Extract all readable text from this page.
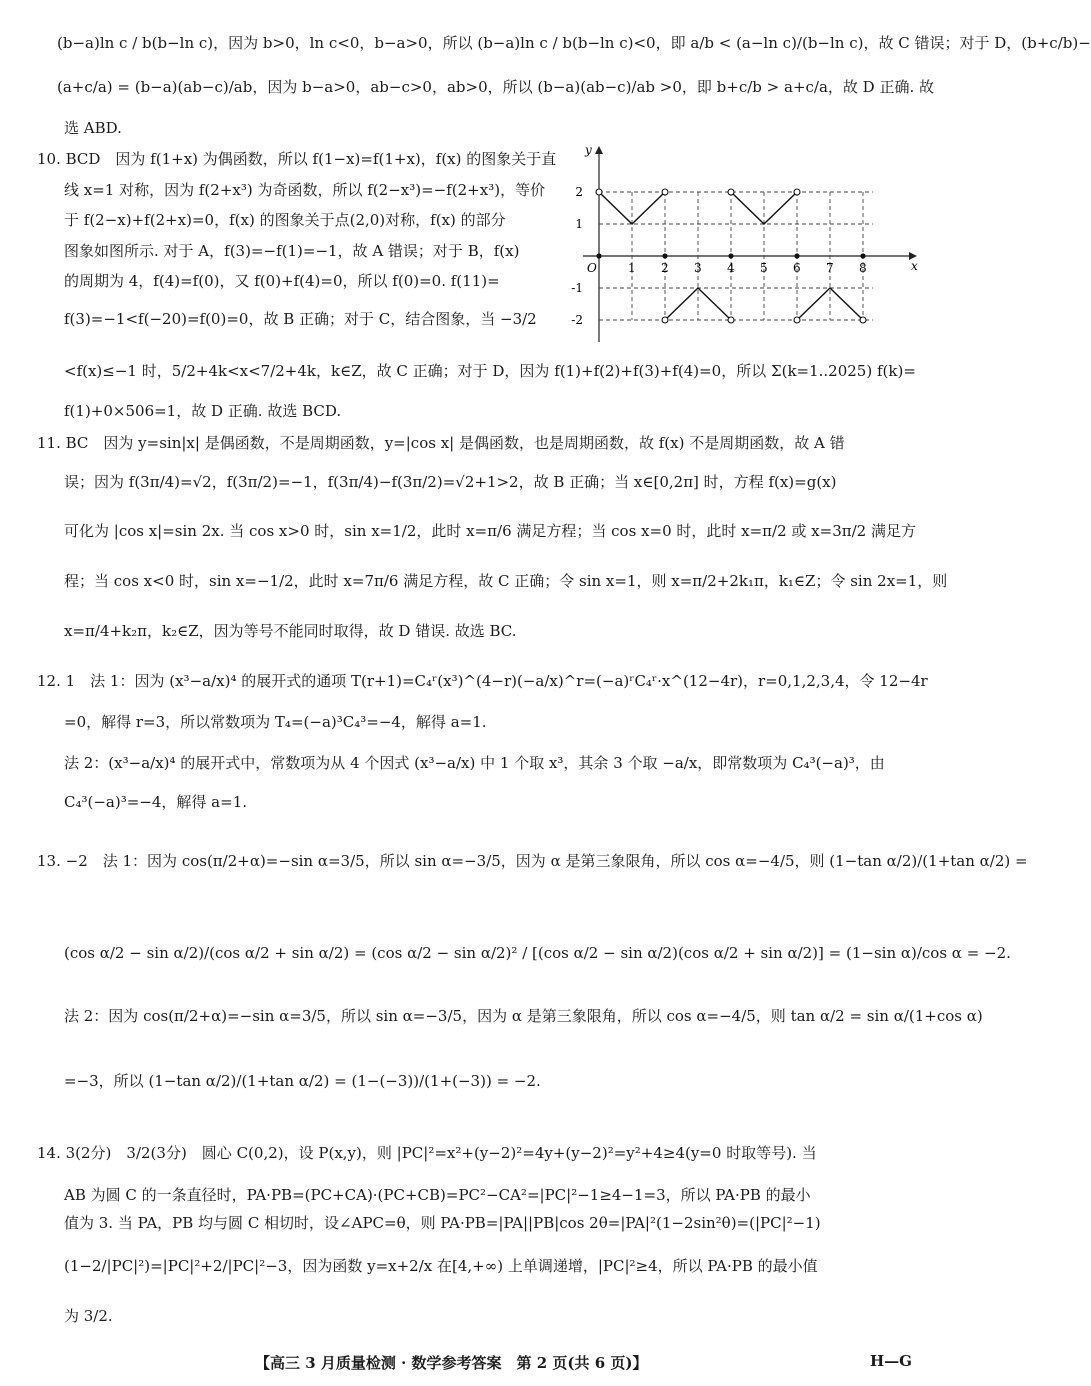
(b−a)ln c / b(b−ln c)，因为 b>0，ln c<0，b−a>0，所以 (b−a)ln c / b(b−ln c)<0，即 a/b < (a−ln c)/(b−ln c)，故 C 错误；对于 D，(b+c/b)−
(a+c/a) = (b−a)(ab−c)/ab，因为 b−a>0，ab−c>0，ab>0，所以 (b−a)(ab−c)/ab >0，即 b+c/b > a+c/a，故 D 正确. 故
选 ABD.
10. BCD　因为 f(1+x) 为偶函数，所以 f(1−x)=f(1+x)，f(x) 的图象关于直
线 x=1 对称，因为 f(2+x³) 为奇函数，所以 f(2−x³)=−f(2+x³)，等价
于 f(2−x)+f(2+x)=0，f(x) 的图象关于点(2,0)对称，f(x) 的部分
图象如图所示. 对于 A，f(3)=−f(1)=−1，故 A 错误；对于 B，f(x)
的周期为 4，f(4)=f(0)，又 f(0)+f(4)=0，所以 f(0)=0. f(11)=
f(3)=−1<f(−20)=f(0)=0，故 B 正确；对于 C，结合图象，当 −3/2
<f(x)≤−1 时，5/2+4k<x<7/2+4k，k∈Z，故 C 正确；对于 D，因为 f(1)+f(2)+f(3)+f(4)=0，所以 Σ(k=1..2025) f(k)=
f(1)+0×506=1，故 D 正确. 故选 BCD.
11. BC　因为 y=sin|x| 是偶函数，不是周期函数，y=|cos x| 是偶函数，也是周期函数，故 f(x) 不是周期函数，故 A 错
误；因为 f(3π/4)=√2，f(3π/2)=−1，f(3π/4)−f(3π/2)=√2+1>2，故 B 正确；当 x∈[0,2π] 时，方程 f(x)=g(x)
可化为 |cos x|=sin 2x. 当 cos x>0 时，sin x=1/2，此时 x=π/6 满足方程；当 cos x=0 时，此时 x=π/2 或 x=3π/2 满足方
程；当 cos x<0 时，sin x=−1/2，此时 x=7π/6 满足方程，故 C 正确；令 sin x=1，则 x=π/2+2k₁π，k₁∈Z；令 sin 2x=1，则
x=π/4+k₂π，k₂∈Z，因为等号不能同时取得，故 D 错误. 故选 BC.
12. 1　法 1：因为 (x³−a/x)⁴ 的展开式的通项 T(r+1)=C₄ʳ(x³)^(4−r)(−a/x)^r=(−a)ʳC₄ʳ·x^(12−4r)，r=0,1,2,3,4，令 12−4r
=0，解得 r=3，所以常数项为 T₄=(−a)³C₄³=−4，解得 a=1.
法 2：(x³−a/x)⁴ 的展开式中，常数项为从 4 个因式 (x³−a/x) 中 1 个取 x³，其余 3 个取 −a/x，即常数项为 C₄³(−a)³，由
C₄³(−a)³=−4，解得 a=1.
13. −2　法 1：因为 cos(π/2+α)=−sin α=3/5，所以 sin α=−3/5，因为 α 是第三象限角，所以 cos α=−4/5，则 (1−tan α/2)/(1+tan α/2) =
(cos α/2 − sin α/2)/(cos α/2 + sin α/2) = (cos α/2 − sin α/2)² / [(cos α/2 − sin α/2)(cos α/2 + sin α/2)] = (1−sin α)/cos α = −2.
法 2：因为 cos(π/2+α)=−sin α=3/5，所以 sin α=−3/5，因为 α 是第三象限角，所以 cos α=−4/5，则 tan α/2 = sin α/(1+cos α)
=−3，所以 (1−tan α/2)/(1+tan α/2) = (1−(−3))/(1+(−3)) = −2.
14. 3(2分)　3/2(3分)　圆心 C(0,2)，设 P(x,y)，则 |PC|²=x²+(y−2)²=4y+(y−2)²=y²+4≥4(y=0 时取等号). 当
AB 为圆 C 的一条直径时，PA·PB=(PC+CA)·(PC+CB)=PC²−CA²=|PC|²−1≥4−1=3，所以 PA·PB 的最小
值为 3. 当 PA，PB 均与圆 C 相切时，设∠APC=θ，则 PA·PB=|PA||PB|cos 2θ=|PA|²(1−2sin²θ)=(|PC|²−1)
(1−2/|PC|²)=|PC|²+2/|PC|²−3，因为函数 y=x+2/x 在[4,+∞) 上单调递增，|PC|²≥4，所以 PA·PB 的最小值
为 3/2.
O	1 2 3 4 5 6 7 8
2
1
-1
-2
x
y
【高三 3 月质量检测 · 数学参考答案　第 2 页(共 6 页)】	H—G
